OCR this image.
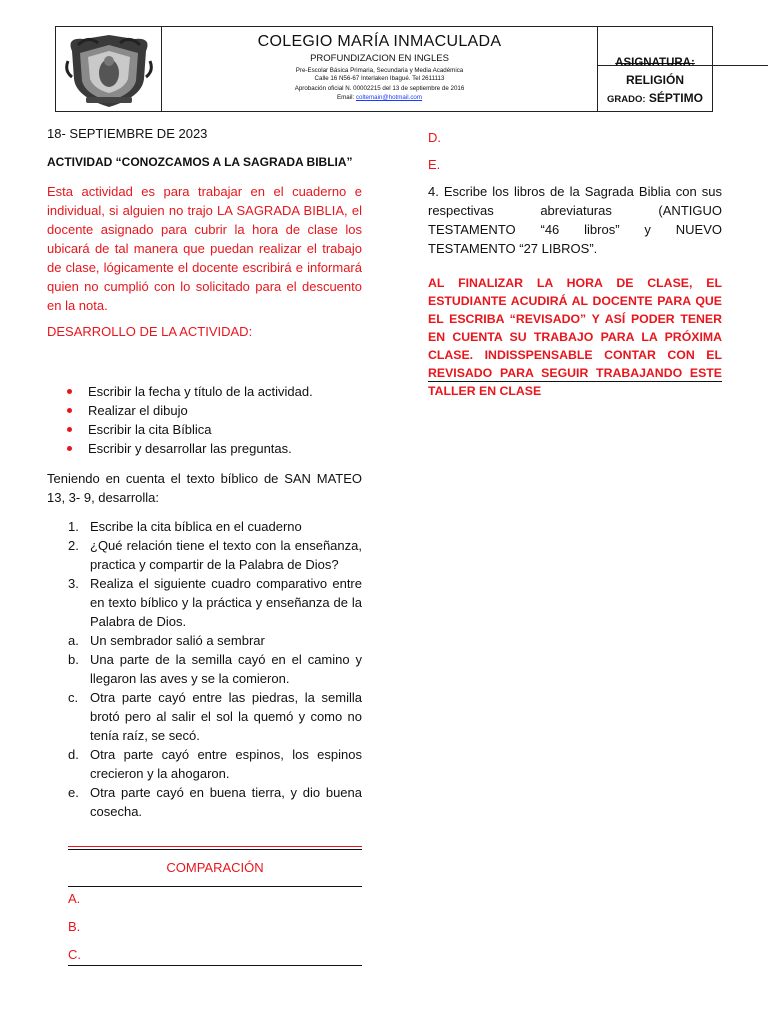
COLEGIO MARÍA INMACULADA
PROFUNDIZACION EN INGLES
Pre-Escolar Básica Primaria, Secundaria y Media Académica
Calle 16 N56-67 Interlaken Ibagué. Tel 2611113
Aprobación oficial N. 00002215 del 13 de septiembre de 2016
Email: coltemain@hotmail.com
ASIGNATURA:
RELIGIÓN
GRADO: SÉPTIMO
18- SEPTIEMBRE DE 2023
ACTIVIDAD “CONOZCAMOS A LA SAGRADA BIBLIA”
Esta actividad es para trabajar en el cuaderno e individual, si alguien no trajo LA SAGRADA BIBLIA, el docente asignado para cubrir la hora de clase los ubicará de tal manera que puedan realizar el trabajo de clase, lógicamente el docente escribirá e informará quien no cumplió con lo solicitado para el descuento en la nota.
DESARROLLO DE LA ACTIVIDAD:
Escribir la fecha y título de la actividad.
Realizar el dibujo
Escribir la cita Bíblica
Escribir y desarrollar las preguntas.
Teniendo en cuenta el texto bíblico de SAN MATEO 13, 3- 9, desarrolla:
1. Escribe la cita bíblica en el cuaderno
2. ¿Qué relación tiene el texto con la enseñanza, practica y compartir de la Palabra de Dios?
3. Realiza el siguiente cuadro comparativo entre en texto bíblico y la práctica y enseñanza de la Palabra de Dios.
a. Un sembrador salió a sembrar
b. Una parte de la semilla cayó en el camino y llegaron las aves y se la comieron.
c. Otra parte cayó entre las piedras, la semilla brotó pero al salir el sol la quemó y como no tenía raíz, se secó.
d. Otra parte cayó entre espinos, los espinos crecieron y la ahogaron.
e. Otra parte cayó en buena tierra, y dio buena cosecha.
COMPARACIÓN
A.
B.
C.
D.
E.
4. Escribe los libros de la Sagrada Biblia con sus respectivas abreviaturas (ANTIGUO TESTAMENTO “46 libros” y NUEVO TESTAMENTO “27 LIBROS”.
AL FINALIZAR LA HORA DE CLASE, EL ESTUDIANTE ACUDIRÁ AL DOCENTE PARA QUE EL ESCRIBA “REVISADO” Y ASÍ PODER TENER EN CUENTA SU TRABAJO PARA LA PRÓXIMA CLASE. INDISSPENSABLE CONTAR CON EL REVISADO PARA SEGUIR TRABAJANDO ESTE TALLER EN CLASE
